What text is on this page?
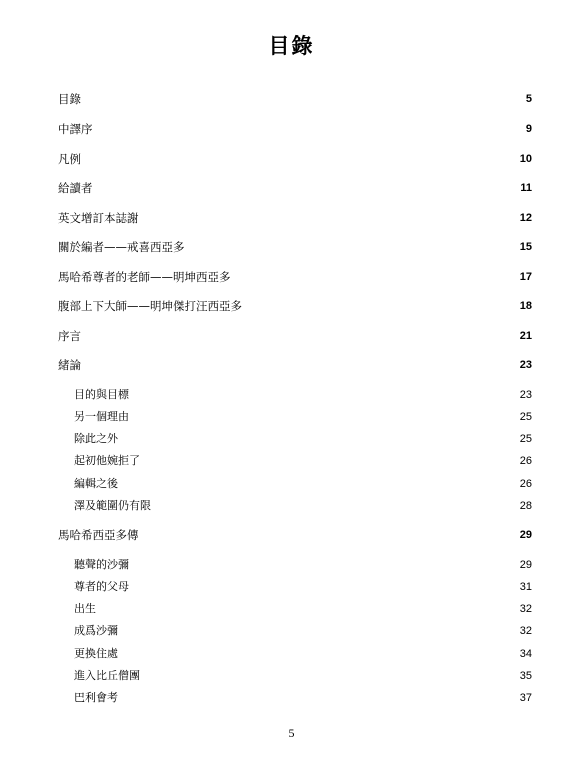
目錄
目錄	5
中譯序	9
凡例	10
給讀者	11
英文增訂本誌謝	12
關於編者——戒喜西亞多	15
馬哈希尊者的老師——明坤西亞多	17
腹部上下大師——明坤傑打汪西亞多	18
序言	21
緒論	23
目的與目標	23
另一個理由	25
除此之外	25
起初他婉拒了	26
編輯之後	26
澤及範圍仍有限	28
馬哈希西亞多傳	29
聽聲的沙彌	29
尊者的父母	31
出生	32
成爲沙彌	32
更換住處	34
進入比丘僧團	35
巴利會考	37
5
